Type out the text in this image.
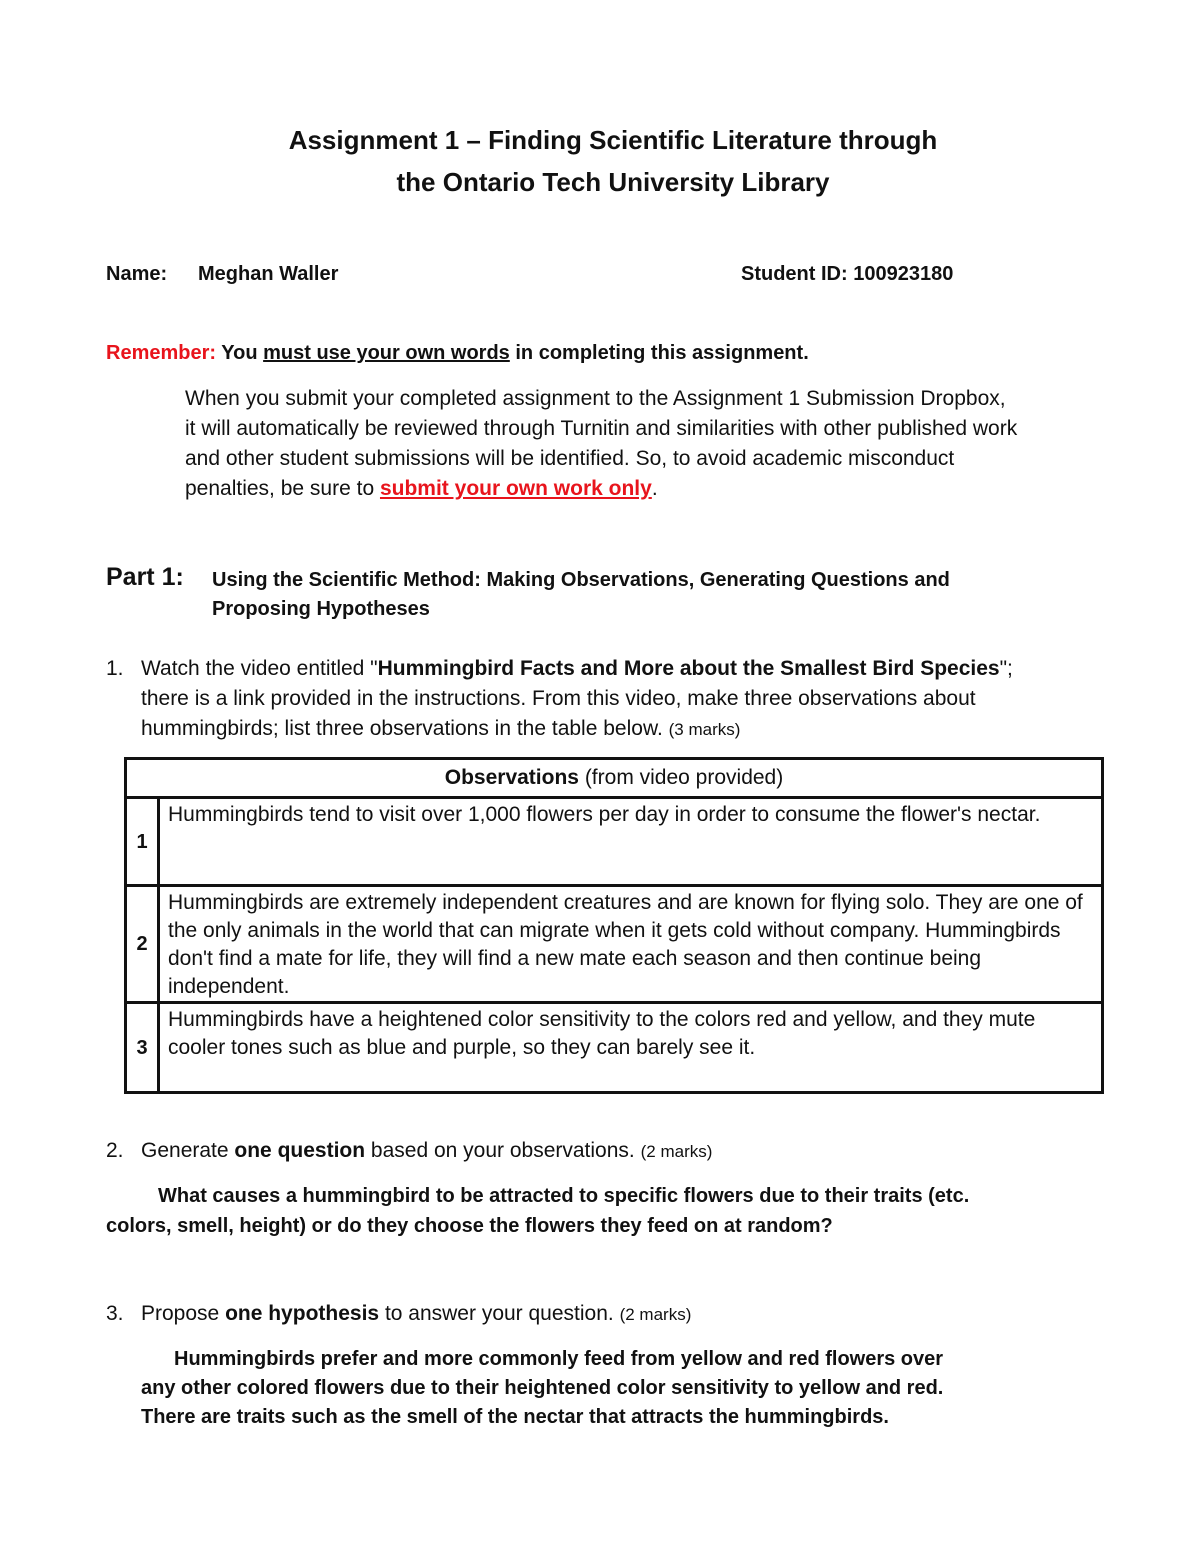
Assignment 1 – Finding Scientific Literature through
the Ontario Tech University Library
Name: Meghan Waller	Student ID: 100923180
Remember: You must use your own words in completing this assignment.
When you submit your completed assignment to the Assignment 1 Submission Dropbox,
it will automatically be reviewed through Turnitin and similarities with other published work
and other student submissions will be identified. So, to avoid academic misconduct
penalties, be sure to submit your own work only.
Part 1: Using the Scientific Method: Making Observations, Generating Questions and
Proposing Hypotheses
1. Watch the video entitled "Hummingbird Facts and More about the Smallest Bird Species";
there is a link provided in the instructions. From this video, make three observations about
hummingbirds; list three observations in the table below. (3 marks)
Observations (from video provided)	
1	Hummingbirds tend to visit over 1,000 flowers per day in order to consume the flower's nectar.
2	Hummingbirds are extremely independent creatures and are known for flying solo. They are one of the only animals in the world that can migrate when it gets cold without company. Hummingbirds don't find a mate for life, they will find a new mate each season and then continue being independent.
3	Hummingbirds have a heightened color sensitivity to the colors red and yellow, and they mute cooler tones such as blue and purple, so they can barely see it.
2. Generate one question based on your observations. (2 marks)
What causes a hummingbird to be attracted to specific flowers due to their traits (etc.
colors, smell, height) or do they choose the flowers they feed on at random?
3. Propose one hypothesis to answer your question. (2 marks)
Hummingbirds prefer and more commonly feed from yellow and red flowers over
any other colored flowers due to their heightened color sensitivity to yellow and red.
There are traits such as the smell of the nectar that attracts the hummingbirds.
